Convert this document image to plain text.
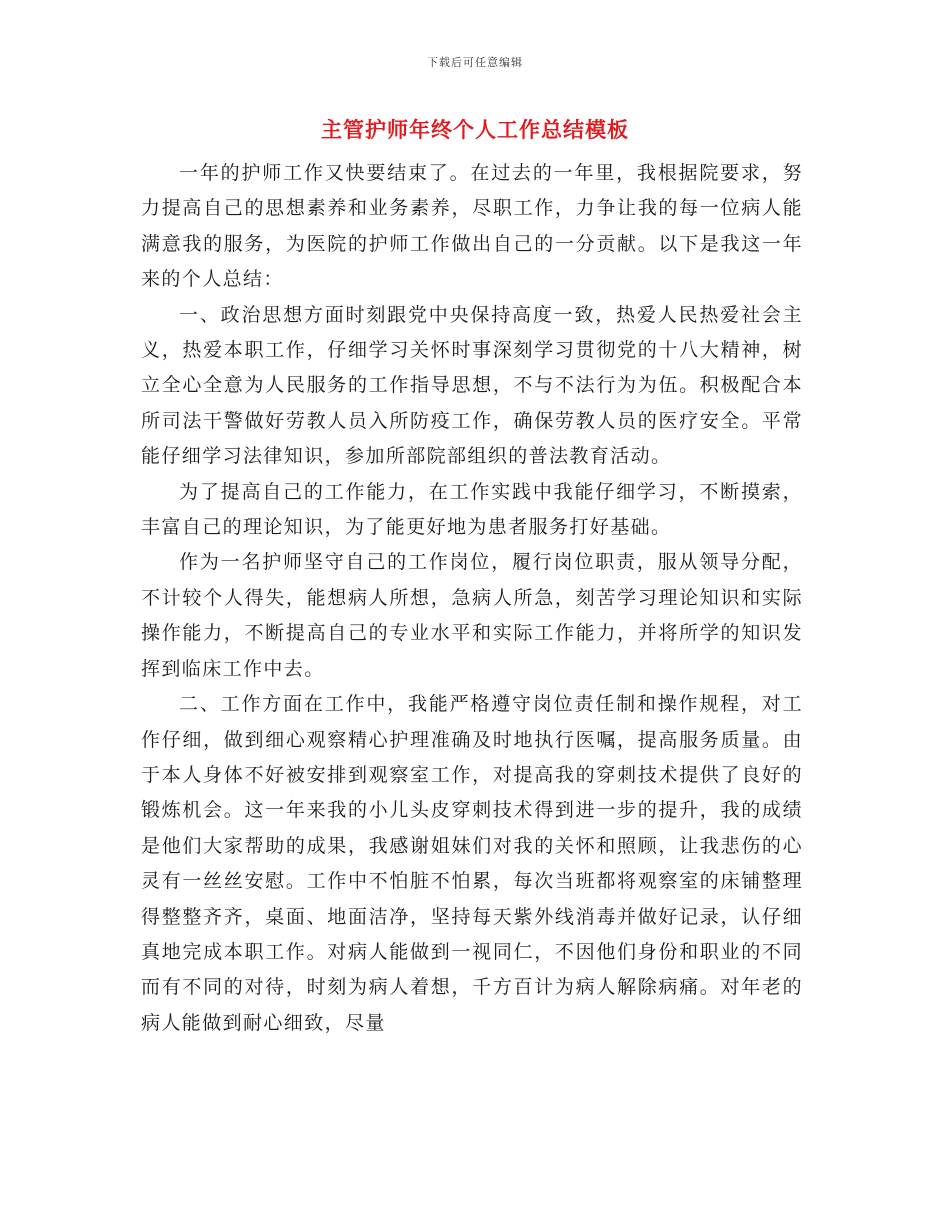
下载后可任意编辑
主管护师年终个人工作总结模板

一年的护师工作又快要结束了。在过去的一年里，我根据院要求，努力提高自己的思想素养和业务素养，尽职工作，力争让我的每一位病人能满意我的服务，为医院的护师工作做出自己的一分贡献。以下是我这一年来的个人总结：

一、政治思想方面时刻跟党中央保持高度一致，热爱人民热爱社会主义，热爱本职工作，仔细学习关怀时事深刻学习贯彻党的十八大精神，树立全心全意为人民服务的工作指导思想，不与不法行为为伍。积极配合本所司法干警做好劳教人员入所防疫工作，确保劳教人员的医疗安全。平常能仔细学习法律知识，参加所部院部组织的普法教育活动。

为了提高自己的工作能力，在工作实践中我能仔细学习，不断摸索，丰富自己的理论知识，为了能更好地为患者服务打好基础。

作为一名护师坚守自己的工作岗位，履行岗位职责，服从领导分配，不计较个人得失，能想病人所想，急病人所急，刻苦学习理论知识和实际操作能力，不断提高自己的专业水平和实际工作能力，并将所学的知识发挥到临床工作中去。

二、工作方面在工作中，我能严格遵守岗位责任制和操作规程，对工作仔细，做到细心观察精心护理准确及时地执行医嘱，提高服务质量。由于本人身体不好被安排到观察室工作，对提高我的穿刺技术提供了良好的锻炼机会。这一年来我的小儿头皮穿刺技术得到进一步的提升，我的成绩是他们大家帮助的成果，我感谢姐妹们对我的关怀和照顾，让我悲伤的心灵有一丝丝安慰。工作中不怕脏不怕累，每次当班都将观察室的床铺整理得整整齐齐，桌面、地面洁净，坚持每天紫外线消毒并做好记录，认仔细真地完成本职工作。对病人能做到一视同仁，不因他们身份和职业的不同而有不同的对待，时刻为病人着想，千方百计为病人解除病痛。对年老的病人能做到耐心细致，尽量
